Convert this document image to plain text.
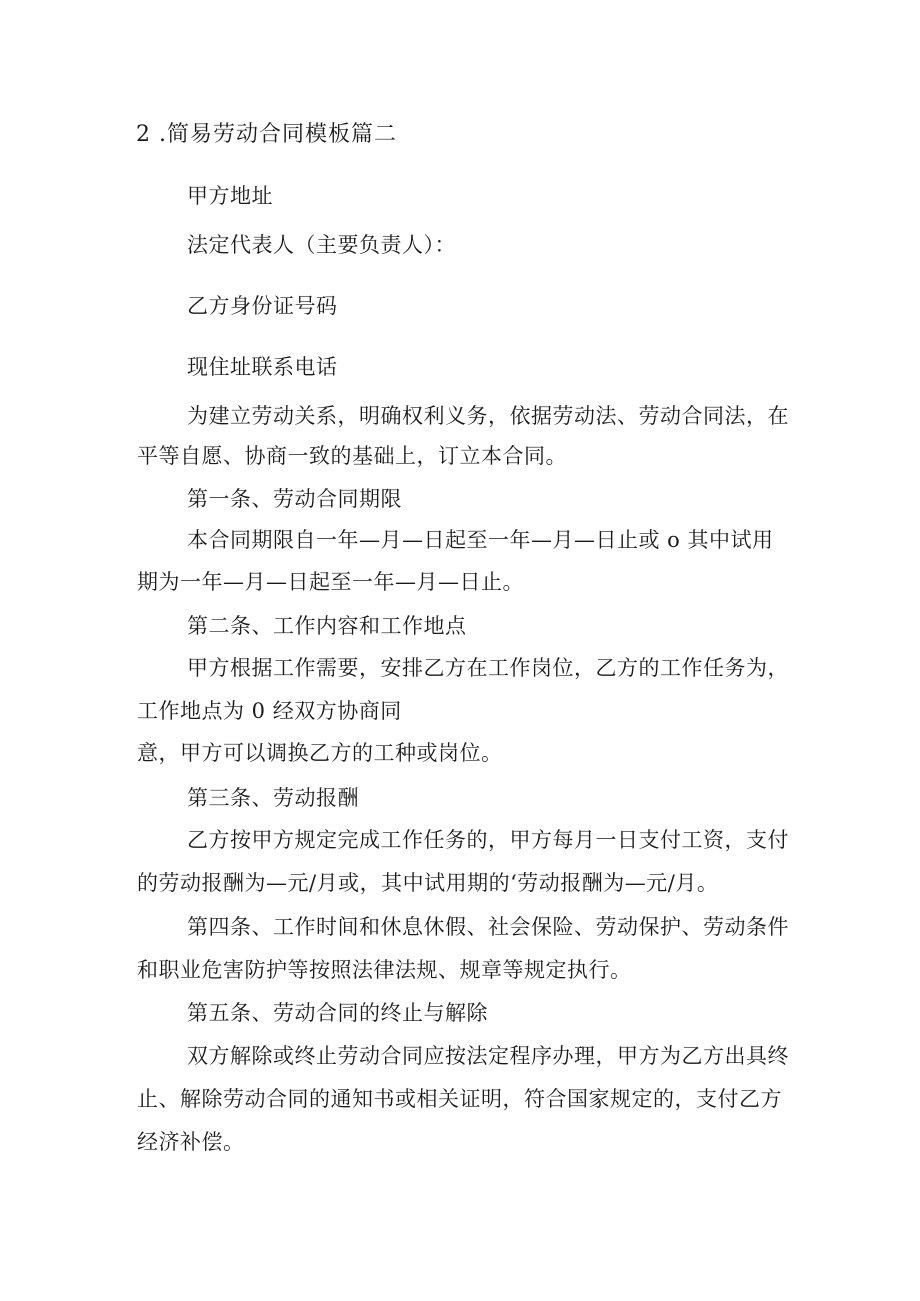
2 .简易劳动合同模板篇二
甲方地址
法定代表人（主要负责人）：
乙方身份证号码
现住址联系电话
为建立劳动关系，明确权利义务，依据劳动法、劳动合同法，在
平等自愿、协商一致的基础上，订立本合同。
第一条、劳动合同期限
本合同期限自一年—月—日起至一年—月—日止或 o 其中试用
期为一年—月—日起至一年—月—日止。
第二条、工作内容和工作地点
甲方根据工作需要，安排乙方在工作岗位，乙方的工作任务为，
工作地点为 0 经双方协商同
意，甲方可以调换乙方的工种或岗位。
第三条、劳动报酬
乙方按甲方规定完成工作任务的，甲方每月一日支付工资，支付
的劳动报酬为—元/月或，其中试用期的‘劳动报酬为—元/月。
第四条、工作时间和休息休假、社会保险、劳动保护、劳动条件
和职业危害防护等按照法律法规、规章等规定执行。
第五条、劳动合同的终止与解除
双方解除或终止劳动合同应按法定程序办理，甲方为乙方出具终
止、解除劳动合同的通知书或相关证明，符合国家规定的，支付乙方
经济补偿。
